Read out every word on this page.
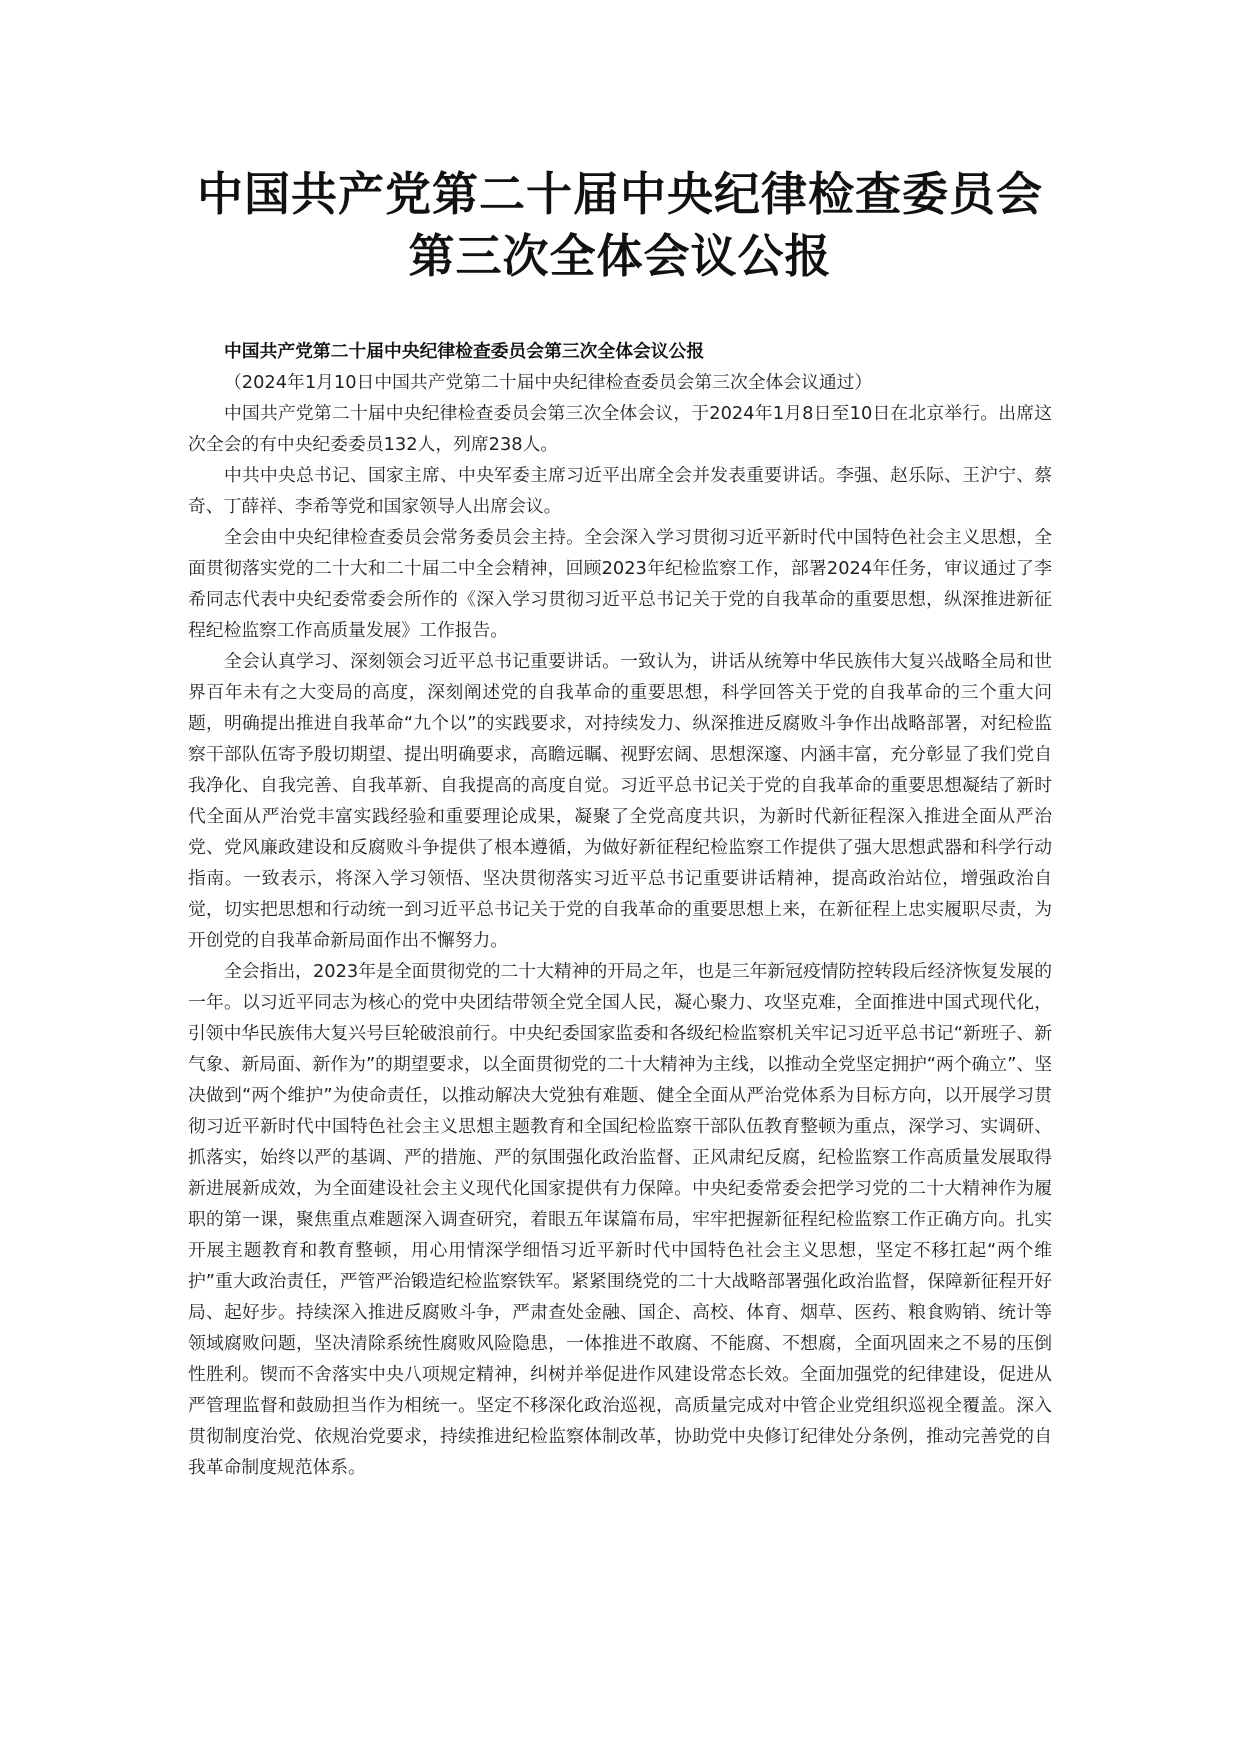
中国共产党第二十届中央纪律检查委员会
第三次全体会议公报

中国共产党第二十届中央纪律检查委员会第三次全体会议公报

（2024年1月10日中国共产党第二十届中央纪律检查委员会第三次全体会议通过）

中国共产党第二十届中央纪律检查委员会第三次全体会议，于2024年1月8日至10日在北京举行。出席这次全会的有中央纪委委员132人，列席238人。

中共中央总书记、国家主席、中央军委主席习近平出席全会并发表重要讲话。李强、赵乐际、王沪宁、蔡奇、丁薛祥、李希等党和国家领导人出席会议。

全会由中央纪律检查委员会常务委员会主持。全会深入学习贯彻习近平新时代中国特色社会主义思想，全面贯彻落实党的二十大和二十届二中全会精神，回顾2023年纪检监察工作，部署2024年任务，审议通过了李希同志代表中央纪委常委会所作的《深入学习贯彻习近平总书记关于党的自我革命的重要思想，纵深推进新征程纪检监察工作高质量发展》工作报告。

全会认真学习、深刻领会习近平总书记重要讲话。一致认为，讲话从统筹中华民族伟大复兴战略全局和世界百年未有之大变局的高度，深刻阐述党的自我革命的重要思想，科学回答关于党的自我革命的三个重大问题，明确提出推进自我革命“九个以”的实践要求，对持续发力、纵深推进反腐败斗争作出战略部署，对纪检监察干部队伍寄予殷切期望、提出明确要求，高瞻远瞩、视野宏阔、思想深邃、内涵丰富，充分彰显了我们党自我净化、自我完善、自我革新、自我提高的高度自觉。习近平总书记关于党的自我革命的重要思想凝结了新时代全面从严治党丰富实践经验和重要理论成果，凝聚了全党高度共识，为新时代新征程深入推进全面从严治党、党风廉政建设和反腐败斗争提供了根本遵循，为做好新征程纪检监察工作提供了强大思想武器和科学行动指南。一致表示，将深入学习领悟、坚决贯彻落实习近平总书记重要讲话精神，提高政治站位，增强政治自觉，切实把思想和行动统一到习近平总书记关于党的自我革命的重要思想上来，在新征程上忠实履职尽责，为开创党的自我革命新局面作出不懈努力。

全会指出，2023年是全面贯彻党的二十大精神的开局之年，也是三年新冠疫情防控转段后经济恢复发展的一年。以习近平同志为核心的党中央团结带领全党全国人民，凝心聚力、攻坚克难，全面推进中国式现代化，引领中华民族伟大复兴号巨轮破浪前行。中央纪委国家监委和各级纪检监察机关牢记习近平总书记“新班子、新气象、新局面、新作为”的期望要求，以全面贯彻党的二十大精神为主线，以推动全党坚定拥护“两个确立”、坚决做到“两个维护”为使命责任，以推动解决大党独有难题、健全全面从严治党体系为目标方向，以开展学习贯彻习近平新时代中国特色社会主义思想主题教育和全国纪检监察干部队伍教育整顿为重点，深学习、实调研、抓落实，始终以严的基调、严的措施、严的氛围强化政治监督、正风肃纪反腐，纪检监察工作高质量发展取得新进展新成效，为全面建设社会主义现代化国家提供有力保障。中央纪委常委会把学习党的二十大精神作为履职的第一课，聚焦重点难题深入调查研究，着眼五年谋篇布局，牢牢把握新征程纪检监察工作正确方向。扎实开展主题教育和教育整顿，用心用情深学细悟习近平新时代中国特色社会主义思想，坚定不移扛起“两个维护”重大政治责任，严管严治锻造纪检监察铁军。紧紧围绕党的二十大战略部署强化政治监督，保障新征程开好局、起好步。持续深入推进反腐败斗争，严肃查处金融、国企、高校、体育、烟草、医药、粮食购销、统计等领域腐败问题，坚决清除系统性腐败风险隐患，一体推进不敢腐、不能腐、不想腐，全面巩固来之不易的压倒性胜利。锲而不舍落实中央八项规定精神，纠树并举促进作风建设常态长效。全面加强党的纪律建设，促进从严管理监督和鼓励担当作为相统一。坚定不移深化政治巡视，高质量完成对中管企业党组织巡视全覆盖。深入贯彻制度治党、依规治党要求，持续推进纪检监察体制改革，协助党中央修订纪律处分条例，推动完善党的自我革命制度规范体系。
